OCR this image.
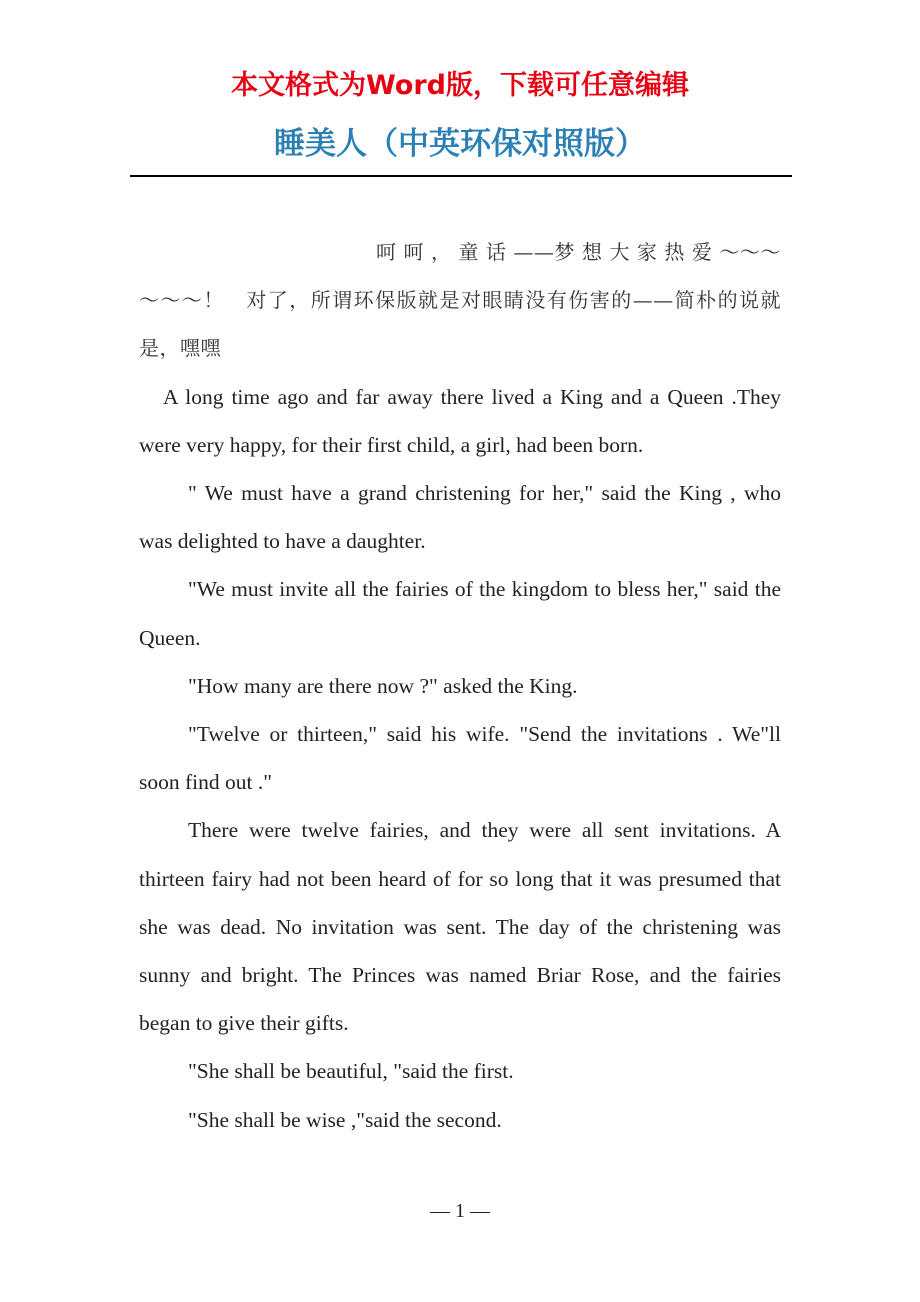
本文格式为Word版，下载可任意编辑
睡美人（中英环保对照版）

呵 呵 ， 童 话 ——梦 想 大 家 热 爱 ～～～～～～！　对了，所谓环保版就是对眼睛没有伤害的——简朴的说就是，嘿嘿

A long time ago and far away there lived a King and a Queen .They were very happy, for their first child, a girl, had been born.

" We must have a grand christening for her," said the King , who was delighted to have a daughter.

"We must invite all the fairies of the kingdom to bless her," said the Queen.

"How many are there now ?" asked the King.

"Twelve or thirteen," said his wife. "Send the invitations . We"ll soon find out ."

There were twelve fairies, and they were all sent invitations. A thirteen fairy had not been heard of for so long that it was presumed that she was dead. No invitation was sent. The day of the christening was sunny and bright. The Princes was named Briar Rose, and the fairies began to give their gifts.

"She shall be beautiful, "said the first.

"She shall be wise ,"said the second.

— 1 —
